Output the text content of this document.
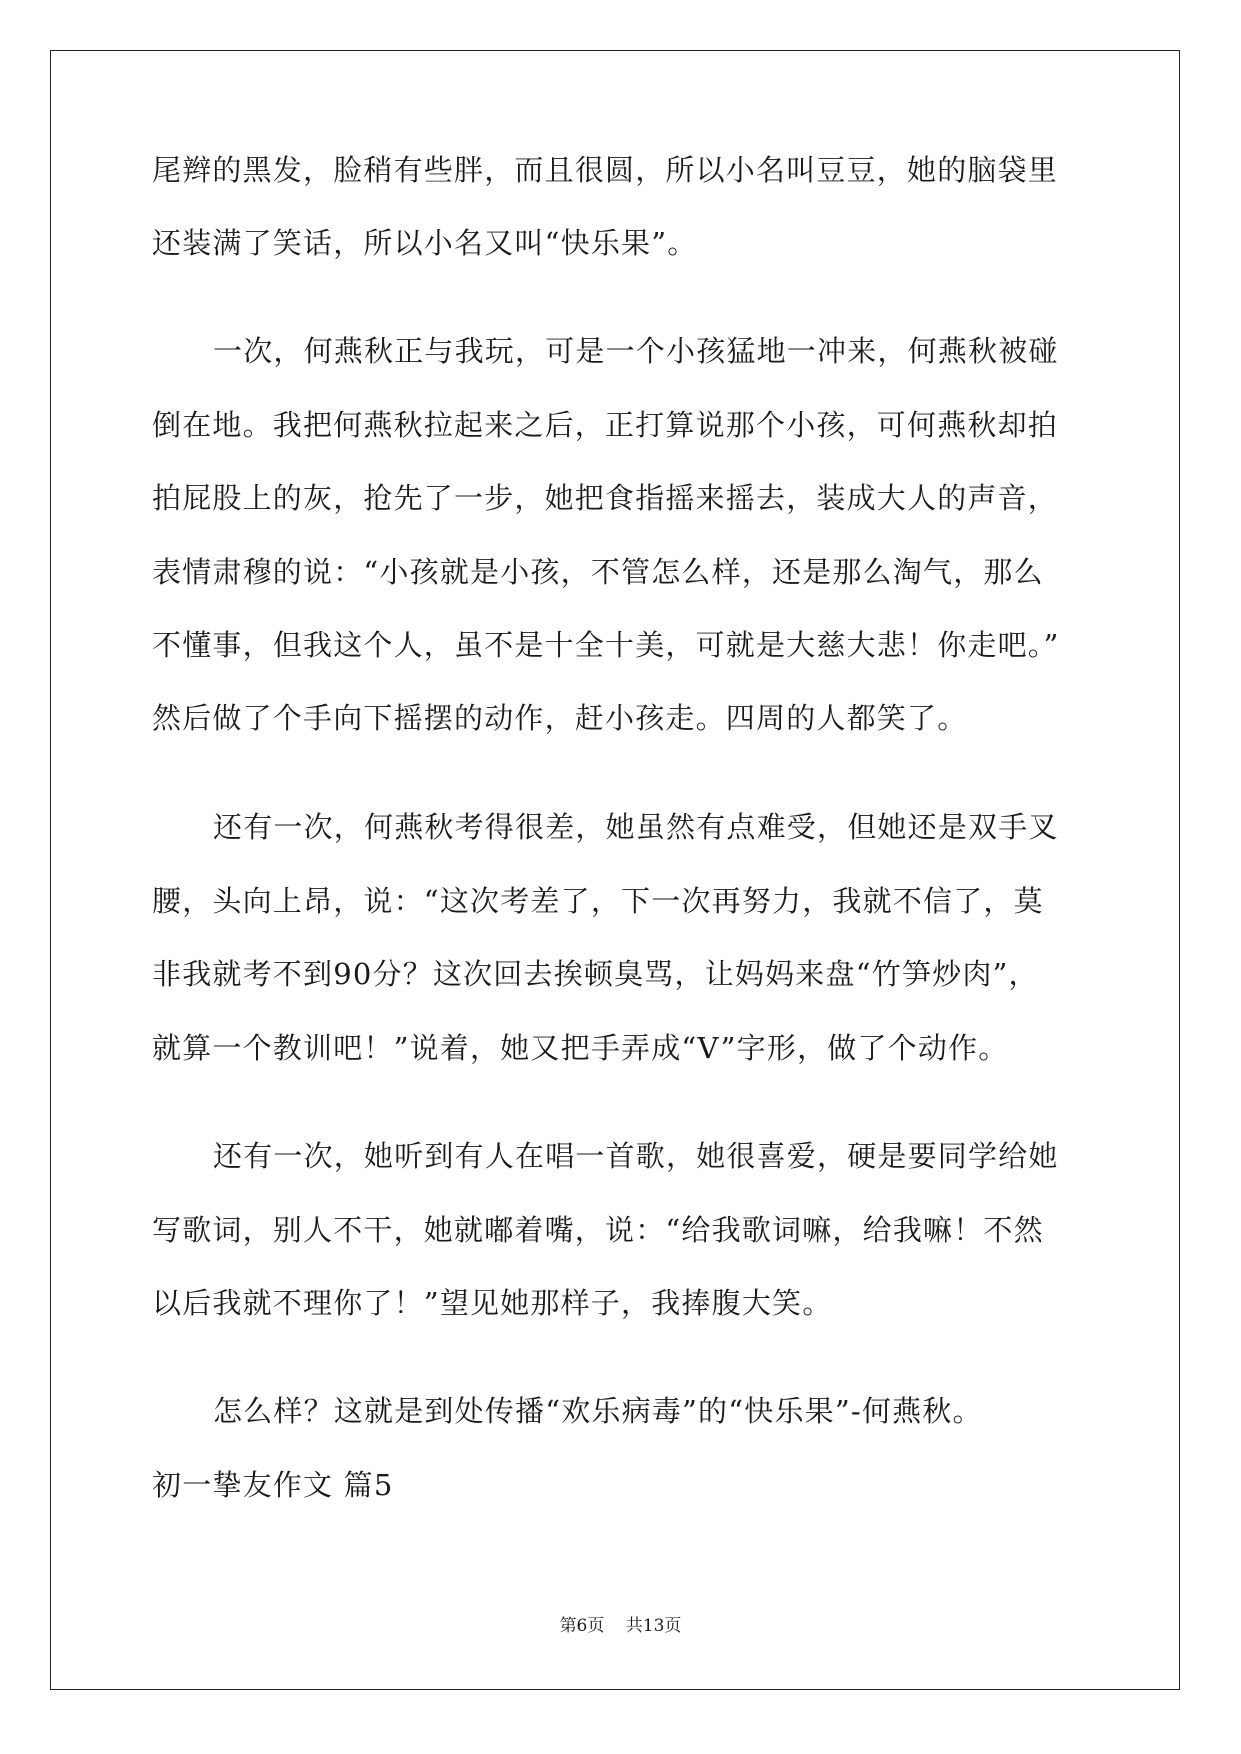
尾辫的黑发，脸稍有些胖，而且很圆，所以小名叫豆豆，她的脑袋里
还装满了笑话，所以小名又叫“快乐果”。
一次，何燕秋正与我玩，可是一个小孩猛地一冲来，何燕秋被碰
倒在地。我把何燕秋拉起来之后，正打算说那个小孩，可何燕秋却拍
拍屁股上的灰，抢先了一步，她把食指摇来摇去，装成大人的声音，
表情肃穆的说：“小孩就是小孩，不管怎么样，还是那么淘气，那么
不懂事，但我这个人，虽不是十全十美，可就是大慈大悲！你走吧。”
然后做了个手向下摇摆的动作，赶小孩走。四周的人都笑了。
还有一次，何燕秋考得很差，她虽然有点难受，但她还是双手叉
腰，头向上昂，说：“这次考差了，下一次再努力，我就不信了，莫
非我就考不到90分？这次回去挨顿臭骂，让妈妈来盘“竹笋炒肉”，
就算一个教训吧！”说着，她又把手弄成“V”字形，做了个动作。
还有一次，她听到有人在唱一首歌，她很喜爱，硬是要同学给她
写歌词，别人不干，她就嘟着嘴，说：“给我歌词嘛，给我嘛！不然
以后我就不理你了！”望见她那样子，我捧腹大笑。
怎么样？这就是到处传播“欢乐病毒”的“快乐果”-何燕秋。
初一挚友作文 篇5
第6页 共13页
